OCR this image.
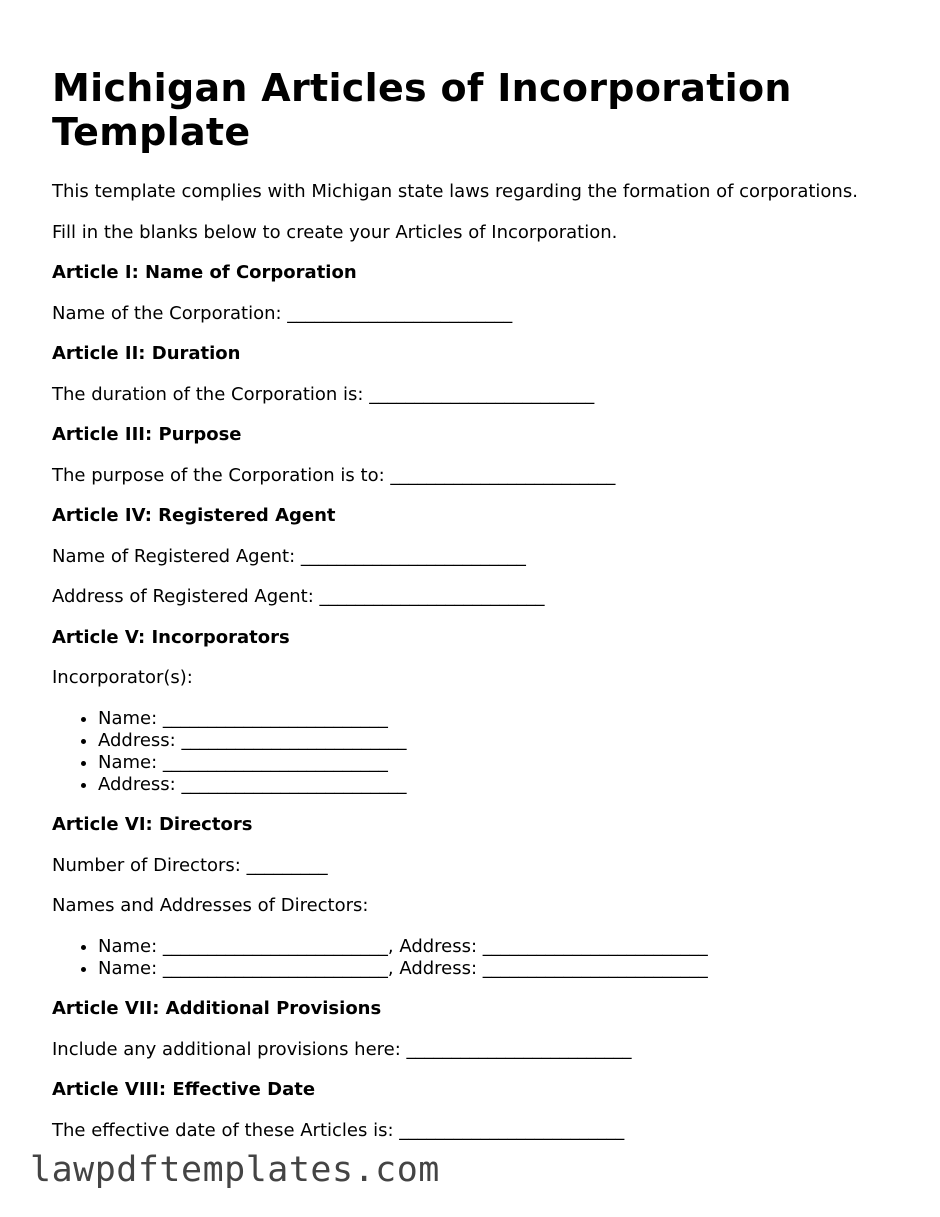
Michigan Articles of Incorporation Template

This template complies with Michigan state laws regarding the formation of corporations.

Fill in the blanks below to create your Articles of Incorporation.

Article I: Name of Corporation

Name of the Corporation: _________________________

Article II: Duration

The duration of the Corporation is: _________________________

Article III: Purpose

The purpose of the Corporation is to: _________________________

Article IV: Registered Agent

Name of Registered Agent: _________________________

Address of Registered Agent: _________________________

Article V: Incorporators

Incorporator(s):

• Name: _________________________
• Address: _________________________
• Name: _________________________
• Address: _________________________
Article VI: Directors

Number of Directors: _________

Names and Addresses of Directors:

• Name: _________________________, Address: _________________________
• Name: _________________________, Address: _________________________
Article VII: Additional Provisions

Include any additional provisions here: _________________________

Article VIII: Effective Date

The effective date of these Articles is: _________________________

lawpdftemplates.com
